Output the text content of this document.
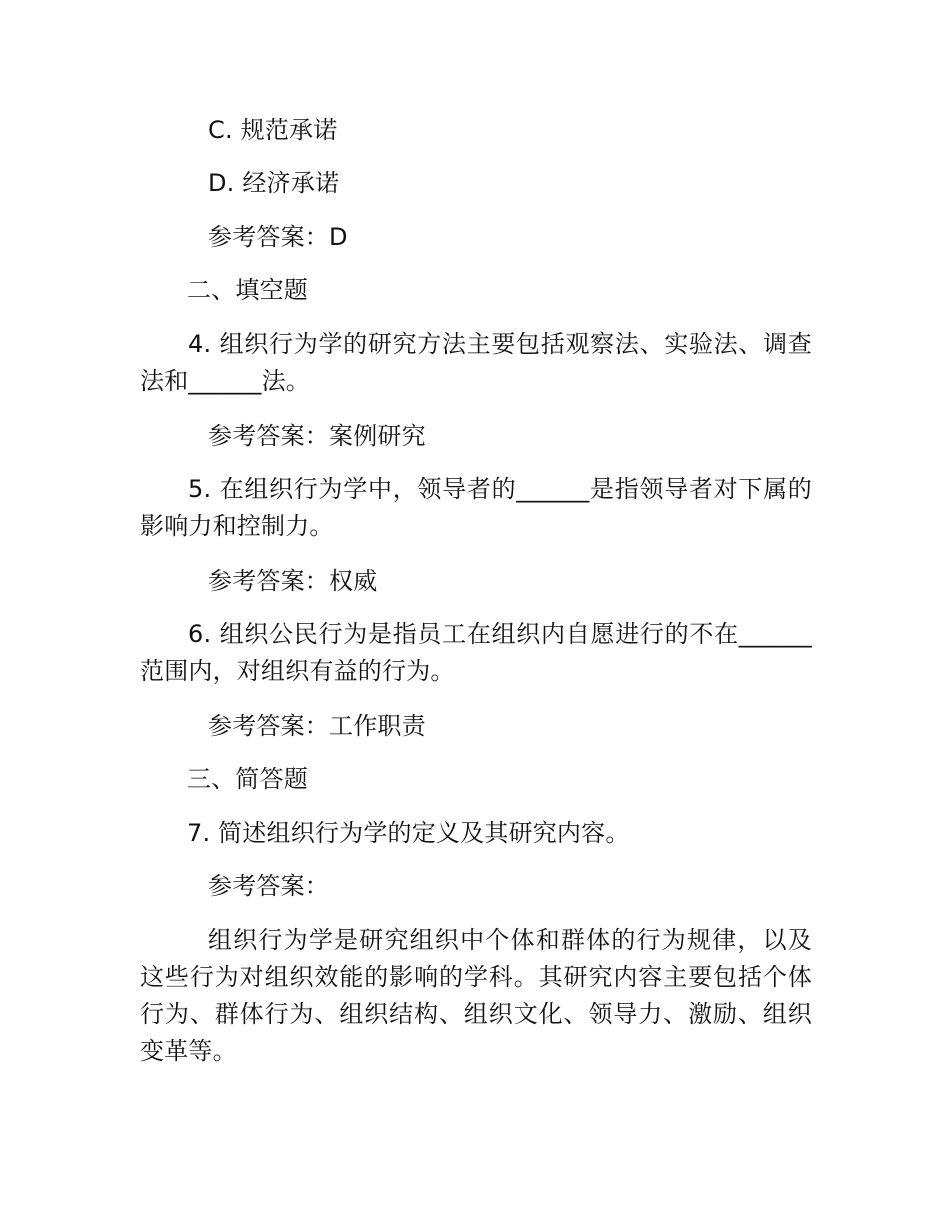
C. 规范承诺
D. 经济承诺
参考答案：D
二、填空题
4. 组织行为学的研究方法主要包括观察法、实验法、调查法和______法。
参考答案：案例研究
5. 在组织行为学中，领导者的______是指领导者对下属的影响力和控制力。
参考答案：权威
6. 组织公民行为是指员工在组织内自愿进行的不在______范围内，对组织有益的行为。
参考答案：工作职责
三、简答题
7. 简述组织行为学的定义及其研究内容。
参考答案：
组织行为学是研究组织中个体和群体的行为规律，以及这些行为对组织效能的影响的学科。其研究内容主要包括个体行为、群体行为、组织结构、组织文化、领导力、激励、组织变革等。
